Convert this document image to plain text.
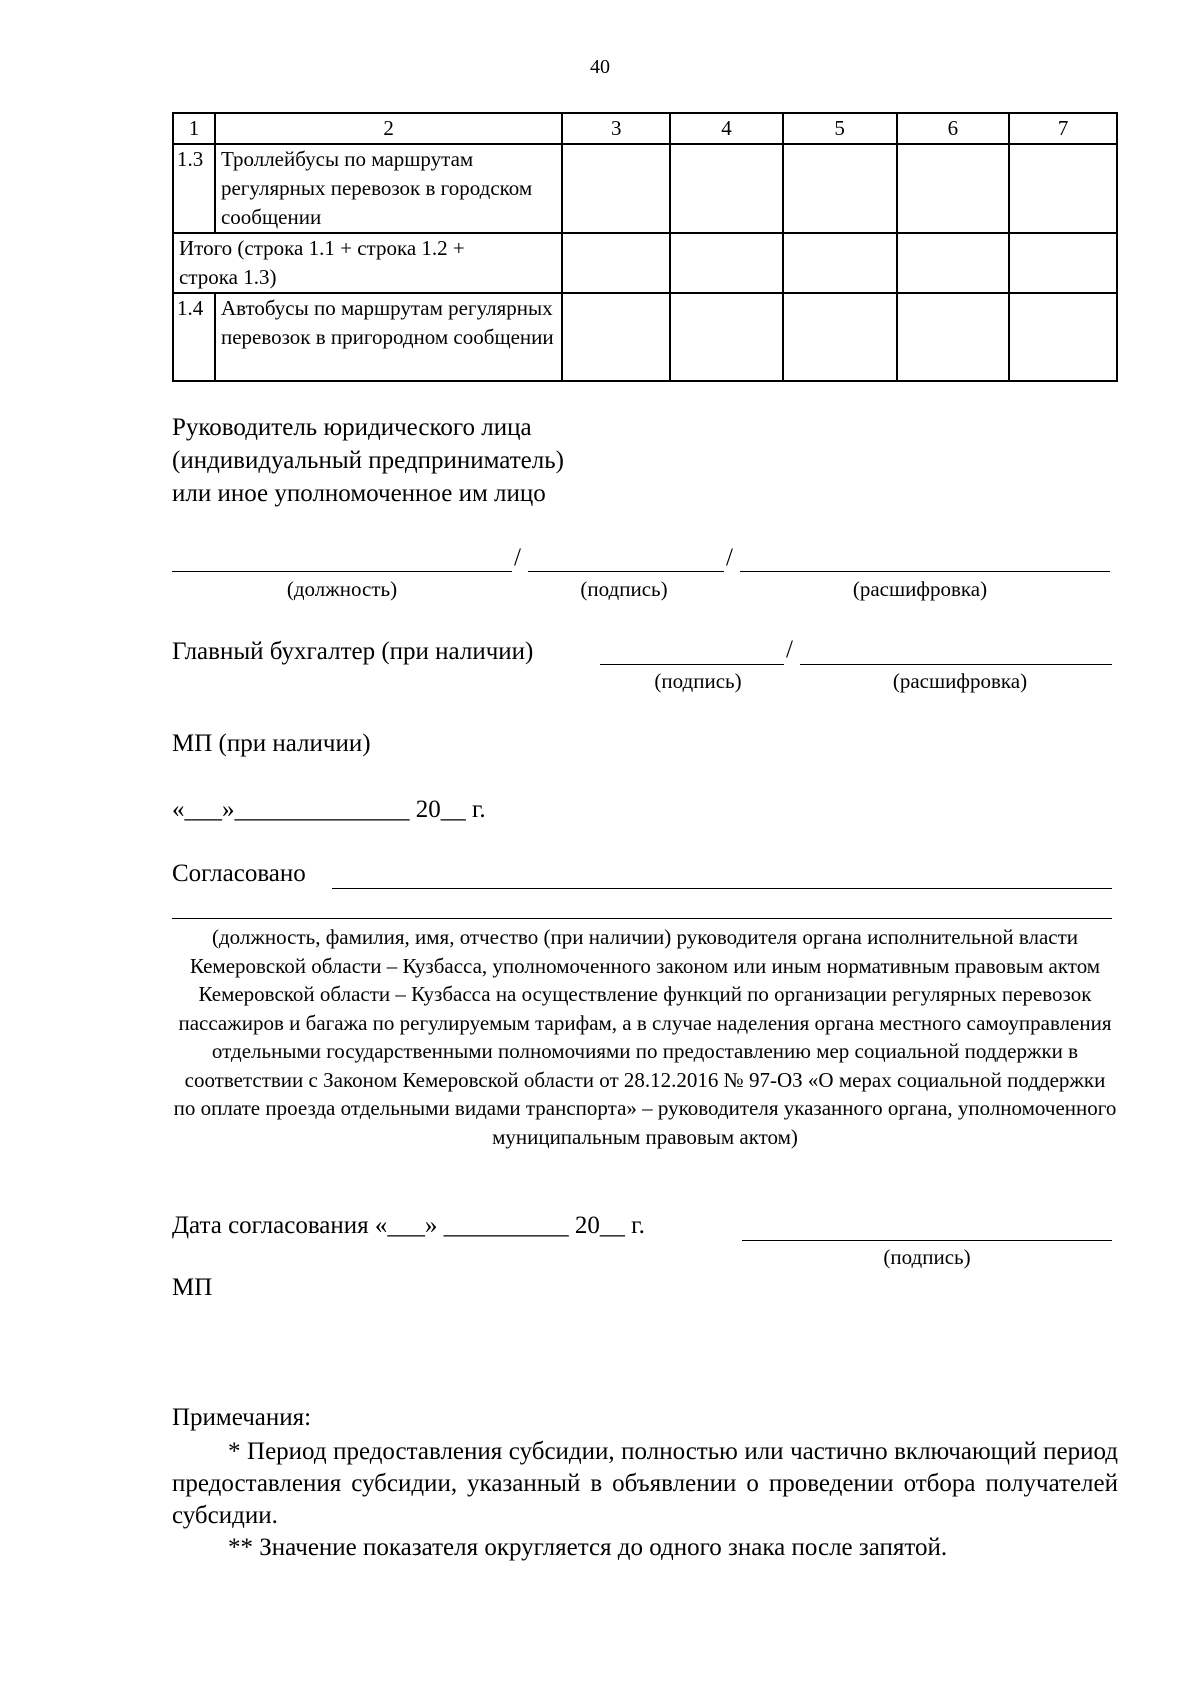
40
1	2	3	4	5	6	7
1.3	Троллейбусы по маршрутам регулярных перевозок в городском сообщении					
Итого (строка 1.1 + строка 1.2 + строка 1.3)						
1.4	Автобусы по маршрутам регулярных перевозок в пригородном сообщении					
Руководитель юридического лица
(индивидуальный предприниматель)
или иное уполномоченное им лицо
/	/
(должность)	(подпись)	(расшифровка)
Главный бухгалтер (при наличии)	/
(подпись)	(расшифровка)
МП (при наличии)
«___»______________ 20__ г.
Согласовано
(должность, фамилия, имя, отчество (при наличии) руководителя органа исполнительной власти Кемеровской области – Кузбасса, уполномоченного законом или иным нормативным правовым актом Кемеровской области – Кузбасса на осуществление функций по организации регулярных перевозок пассажиров и багажа по регулируемым тарифам, а в случае наделения органа местного самоуправления отдельными государственными полномочиями по предоставлению мер социальной поддержки в соответствии с Законом Кемеровской области от 28.12.2016 № 97-ОЗ «О мерах социальной поддержки по оплате проезда отдельными видами транспорта» – руководителя указанного органа, уполномоченного муниципальным правовым актом)
Дата согласования «___» __________ 20__ г.
(подпись)
МП
Примечания:
* Период предоставления субсидии, полностью или частично включающий период предоставления субсидии, указанный в объявлении о проведении отбора получателей субсидии.
** Значение показателя округляется до одного знака после запятой.
